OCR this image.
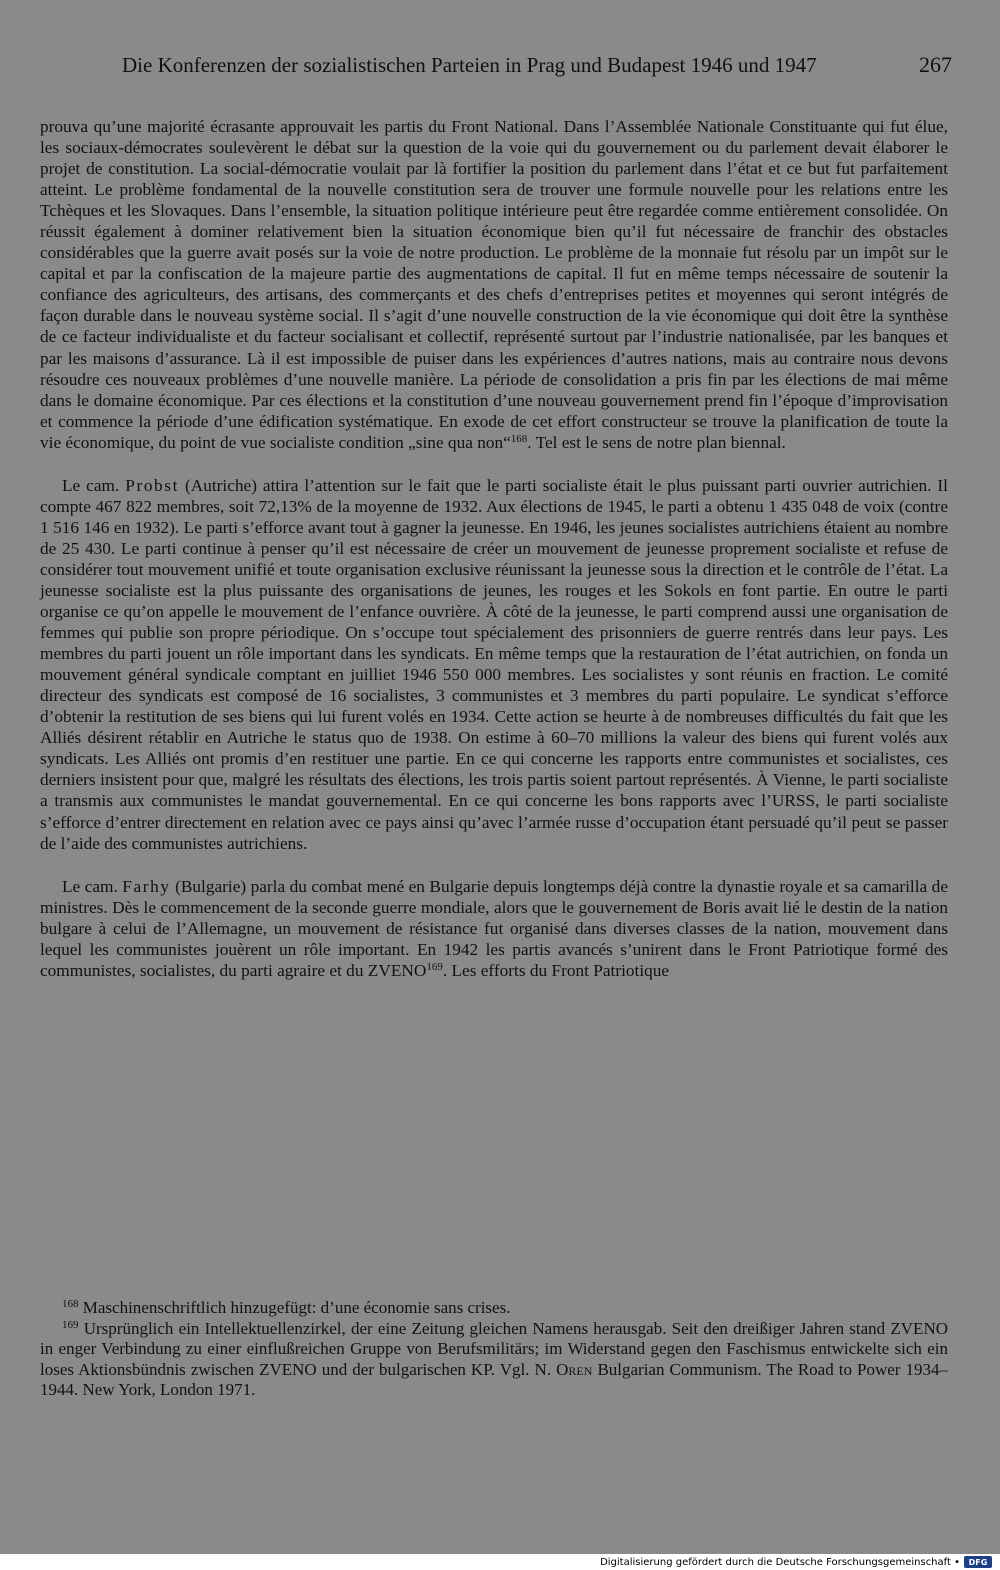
Die Konferenzen der sozialistischen Parteien in Prag und Budapest 1946 und 1947	267

prouva qu’une majorité écrasante approuvait les partis du Front National. Dans l’Assemblée Nationale Constituante qui fut élue, les sociaux-démocrates soulevèrent le débat sur la question de la voie qui du gouvernement ou du parlement devait élaborer le projet de constitution. La social-démocratie voulait par là fortifier la position du parlement dans l’état et ce but fut parfaitement atteint. Le problème fondamental de la nouvelle constitution sera de trouver une formule nouvelle pour les relations entre les Tchèques et les Slovaques. Dans l’ensemble, la situation politique intérieure peut être regardée comme entièrement consolidée. On réussit également à dominer relativement bien la situation économique bien qu’il fut nécessaire de franchir des obstacles considérables que la guerre avait posés sur la voie de notre production. Le problème de la monnaie fut résolu par un impôt sur le capital et par la confiscation de la majeure partie des augmentations de capital. Il fut en même temps nécessaire de soutenir la confiance des agriculteurs, des artisans, des commerçants et des chefs d’entreprises petites et moyennes qui seront intégrés de façon durable dans le nouveau système social. Il s’agit d’une nouvelle construction de la vie économique qui doit être la synthèse de ce facteur individualiste et du facteur socialisant et collectif, représenté surtout par l’industrie nationalisée, par les banques et par les maisons d’assurance. Là il est impossible de puiser dans les expériences d’autres nations, mais au contraire nous devons résoudre ces nouveaux problèmes d’une nouvelle manière. La période de consolidation a pris fin par les élections de mai même dans le domaine économique. Par ces élections et la constitution d’une nouveau gouvernement prend fin l’époque d’improvisation et commence la période d’une édification systématique. En exode de cet effort constructeur se trouve la planification de toute la vie économique, du point de vue socialiste condition „sine qua non“$^{168}$. Tel est le sens de notre plan biennal.

Le cam. Probst (Autriche) attira l’attention sur le fait que le parti socialiste était le plus puissant parti ouvrier autrichien. Il compte 467 822 membres, soit 72,13% de la moyenne de 1932. Aux élections de 1945, le parti a obtenu 1 435 048 de voix (contre 1 516 146 en 1932). Le parti s’efforce avant tout à gagner la jeunesse. En 1946, les jeunes socialistes autrichiens étaient au nombre de 25 430. Le parti continue à penser qu’il est nécessaire de créer un mouvement de jeunesse proprement socialiste et refuse de considérer tout mouvement unifié et toute organisation exclusive réunissant la jeunesse sous la direction et le contrôle de l’état. La jeunesse socialiste est la plus puissante des organisations de jeunes, les rouges et les Sokols en font partie. En outre le parti organise ce qu’on appelle le mouvement de l’enfance ouvrière. À côté de la jeunesse, le parti comprend aussi une organisation de femmes qui publie son propre périodique. On s’occupe tout spécialement des prisonniers de guerre rentrés dans leur pays. Les membres du parti jouent un rôle important dans les syndicats. En même temps que la restauration de l’état autrichien, on fonda un mouvement général syndicale comptant en juilliet 1946 550 000 membres. Les socialistes y sont réunis en fraction. Le comité directeur des syndicats est composé de 16 socialistes, 3 communistes et 3 membres du parti populaire. Le syndicat s’efforce d’obtenir la restitution de ses biens qui lui furent volés en 1934. Cette action se heurte à de nombreuses difficultés du fait que les Alliés désirent rétablir en Autriche le status quo de 1938. On estime à 60–70 millions la valeur des biens qui furent volés aux syndicats. Les Alliés ont promis d’en restituer une partie. En ce qui concerne les rapports entre communistes et socialistes, ces derniers insistent pour que, malgré les résultats des élections, les trois partis soient partout représentés. À Vienne, le parti socialiste a transmis aux communistes le mandat gouvernemental. En ce qui concerne les bons rapports avec l’URSS, le parti socialiste s’efforce d’entrer directement en relation avec ce pays ainsi qu’avec l’armée russe d’occupation étant persuadé qu’il peut se passer de l’aide des communistes autrichiens.

Le cam. Farhy (Bulgarie) parla du combat mené en Bulgarie depuis longtemps déjà contre la dynastie royale et sa camarilla de ministres. Dès le commencement de la seconde guerre mondiale, alors que le gouvernement de Boris avait lié le destin de la nation bulgare à celui de l’Allemagne, un mouvement de résistance fut organisé dans diverses classes de la nation, mouvement dans lequel les communistes jouèrent un rôle important. En 1942 les partis avancés s’unirent dans le Front Patriotique formé des communistes, socialistes, du parti agraire et du ZVENO$^{169}$. Les efforts du Front Patriotique

$^{168}$ Maschinenschriftlich hinzugefügt: d’une économie sans crises.

$^{169}$ Ursprünglich ein Intellektuellenzirkel, der eine Zeitung gleichen Namens herausgab. Seit den dreißiger Jahren stand ZVENO in enger Verbindung zu einer einflußreichen Gruppe von Berufsmilitärs; im Widerstand gegen den Faschismus entwickelte sich ein loses Aktionsbündnis zwischen ZVENO und der bulgarischen KP. Vgl. N. Oren Bulgarian Communism. The Road to Power 1934–1944. New York, London 1971.

Digitalisierung gefördert durch die Deutsche Forschungsgemeinschaft •	DFG
